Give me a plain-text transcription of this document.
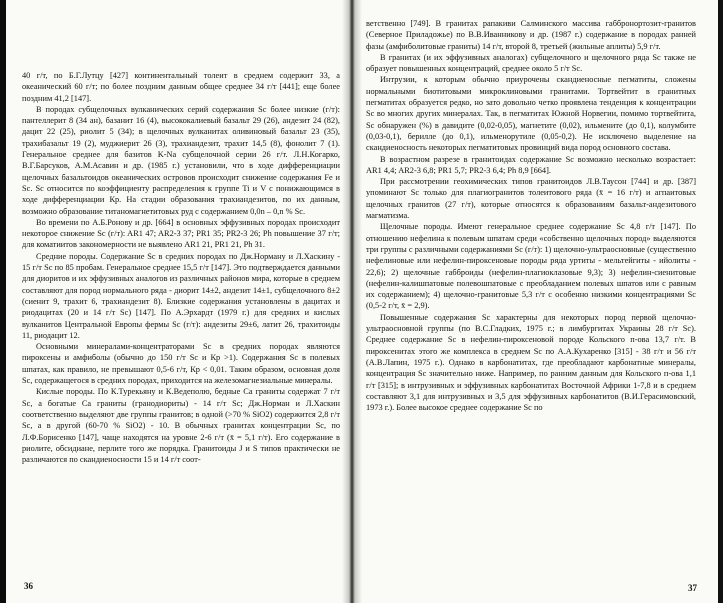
40 г/т, по Б.Г.Лутцу [427] континентальный толеит в среднем содержит 33, а океанический 60 г/т; по более поздним данным общее среднее 34 г/т [441]; еще более поздним 41,2 [147].

В породах субщелочных вулканических серий содержания Sc более низкие (г/т): пантеллерит 8 (34 ан), базанит 16 (4), высококалиевый базальт 29 (26), андезит 24 (82), дацит 22 (25), риолит 5 (34); в щелочных вулканитах оливиновый базальт 23 (35), трахибазальт 19 (2), муджиерит 26 (3), трахиандезит, трахит 14,5 (8), фонолит 7 (1). Генеральное среднее для базитов K-Na субщелочной серии 26 г/т. Л.Н.Когарко, В.Г.Барсуков, А.М.Асавин и др. (1985 г.) установили, что в ходе дифференциации щелочных базальтоидов океанических островов происходит снижение содержания Fe и Sc. Sc относится по коэффициенту распределения к группе Ti и V с понижающимся в ходе дифференциации Кр. На стадии образования трахиандезитов, по их данным, возможно образование титаномагнетитовых руд с содержанием 0,0n – 0,n % Sc.

Во времени по А.Б.Ронову и др. [664] в основных эффузивных породах происходит некоторое снижение Sc (г/т): AR1 47; AR2-3 37; PR1 35; PR2-3 26; Ph повышение 37 г/т; для коматиитов закономерности не выявлено AR1 21, PR1 21, Ph 31.

Средние породы. Содержание Sc в средних породах по Дж.Норману и Л.Хаскину - 15 г/т Sc по 85 пробам. Генеральное среднее 15,5 г/т [147]. Это подтверждается данными для диоритов и их эффузивных аналогов из различных районов мира, которые в среднем составляют для пород нормального ряда - диорит 14±2, андезит 14±1, субщелочного 8±2 (сиенит 9, трахит 6, трахиандезит 8). Близкие содержания установлены в дацитах и риодацитах (20 и 14 г/т Sc) [147]. По А.Эрхардт (1979 г.) для средних и кислых вулканитов Центральной Европы фермы Sc (г/т): андезиты 29±6, латит 26, трахитоиды 11, риодацит 12.

Основными минералами-концентраторами Sc в средних породах являются пироксены и амфиболы (обычно до 150 г/т Sc и Кр >1). Содержания Sc в полевых шпатах, как правило, не превышают 0,5-6 г/т, Кр < 0,01. Таким образом, основная доля Sc, содержащегося в средних породах, приходится на железомагнезиальные минералы.

Кислые породы. По К.Турекьяну и К.Ведеполю, бедные Ca граниты содержат 7 г/т Sc, а богатые Ca граниты (гранодиориты) - 14 г/т Sc; Дж.Норман и Л.Хаскин соответственно выделяют две группы гранитов; в одной (>70 % SiO2) содержится 2,8 г/т Sc, а в другой (60-70 % SiO2) - 10. В обычных гранитах концентрации Sc, по Л.Ф.Борисенко [147], чаще находятся на уровне 2-6 г/т (x̄ = 5,1 г/т). Его содержание в риолите, обсидиане, перлите того же порядка. Гранитоиды J и S типов практически не различаются по скандиеносности 15 и 14 г/т соот-

ветственно [749]. В гранитах рапакиви Салминского массива габбронортозит-гранитов (Северное Приладожье) по В.В.Иванникову и др. (1987 г.) содержание в породах ранней фазы (амфиболитовые граниты) 14 г/т, второй 8, третьей (жильные аплиты) 5,9 г/т.

В гранитах (и их эффузивных аналогах) субщелочного и щелочного ряда Sc также не образует повышенных концентраций, среднее около 5 г/т Sc.

Интрузии, к которым обычно приурочены скандиеносные пегматиты, сложены нормальными биотитовыми микроклиновыми гранитами. Тортвейтит в гранитных пегматитах образуется редко, но зато довольно четко проявлена тенденция к концентрации Sc во многих других минералах. Так, в пегматитах Южной Норвегии, помимо тортвейтита, Sc обнаружен (%) в давидите (0,02-0,05), магнетите (0,02), ильмените (до 0,1), колумбите (0,03-0,1), берилле (до 0,1), ильменорутиле (0,05-0,2). Не исключено выделение на скандиеносность некоторых пегматитовых провинций вида пород основного состава.

В возрастном разрезе в гранитоидах содержание Sc возможно несколько возрастает: AR1 4,4; AR2-3 6,8; PR1 5,7; PR2-3 6,4; Ph 8,9 [664].

При рассмотрении геохимических типов гранитоидов Л.В.Таусон [744] и др. [387] упоминают Sc только для плагиогранитов толеитового ряда (x̄ = 16 г/т) и агпаитовых щелочных гранитов (27 г/т), которые относятся к образованиям базальт-андезитового магматизма.

Щелочные породы. Имеют генеральное среднее содержание Sc 4,8 г/т [147]. По отношению нефелина к полевым шпатам среди «собственно щелочных пород» выделяются три группы с различными содержаниями Sc (г/т): 1) щелочно-ультраосновные (существенно нефелиновые или нефелин-пироксеновые породы ряда уртиты - мельтейгиты - ийолиты - 22,6); 2) щелочные габброиды (нефелин-плагиоклазовые 9,3); 3) нефелин-сиенитовые (нефелин-калишпатовые полевошпатовые с преобладанием полевых шпатов или с равным их содержанием); 4) щелочно-гранитовые 5,3 г/т с особенно низкими концентрациями Sc (0,5-2 г/т, x̄ = 2,9).

Повышенные содержания Sc характерны для некоторых пород первой щелочно-ультраосновной группы (по В.С.Гладких, 1975 г.; в лимбургитах Украины 28 г/т Sc). Среднее содержание Sc в нефелин-пироксеновой породе Кольского п-ова 13,7 г/т. В пироксенитах этого же комплекса в среднем Sc по А.А.Кухаренко [315] - 38 г/т и 56 г/т (А.В.Лапин, 1975 г.). Однако в карбонатитах, где преобладают карбонатные минералы, концентрация Sc значительно ниже. Например, по ранним данным для Кольского п-ова 1,1 г/т [315]; в интрузивных и эффузивных карбонатитах Восточной Африки 1-7,8 и в среднем составляют 3,1 для интрузивных и 3,5 для эффузивных карбонатитов (В.И.Герасимовский, 1973 г.). Более высокое среднее содержание Sc по

36	37
